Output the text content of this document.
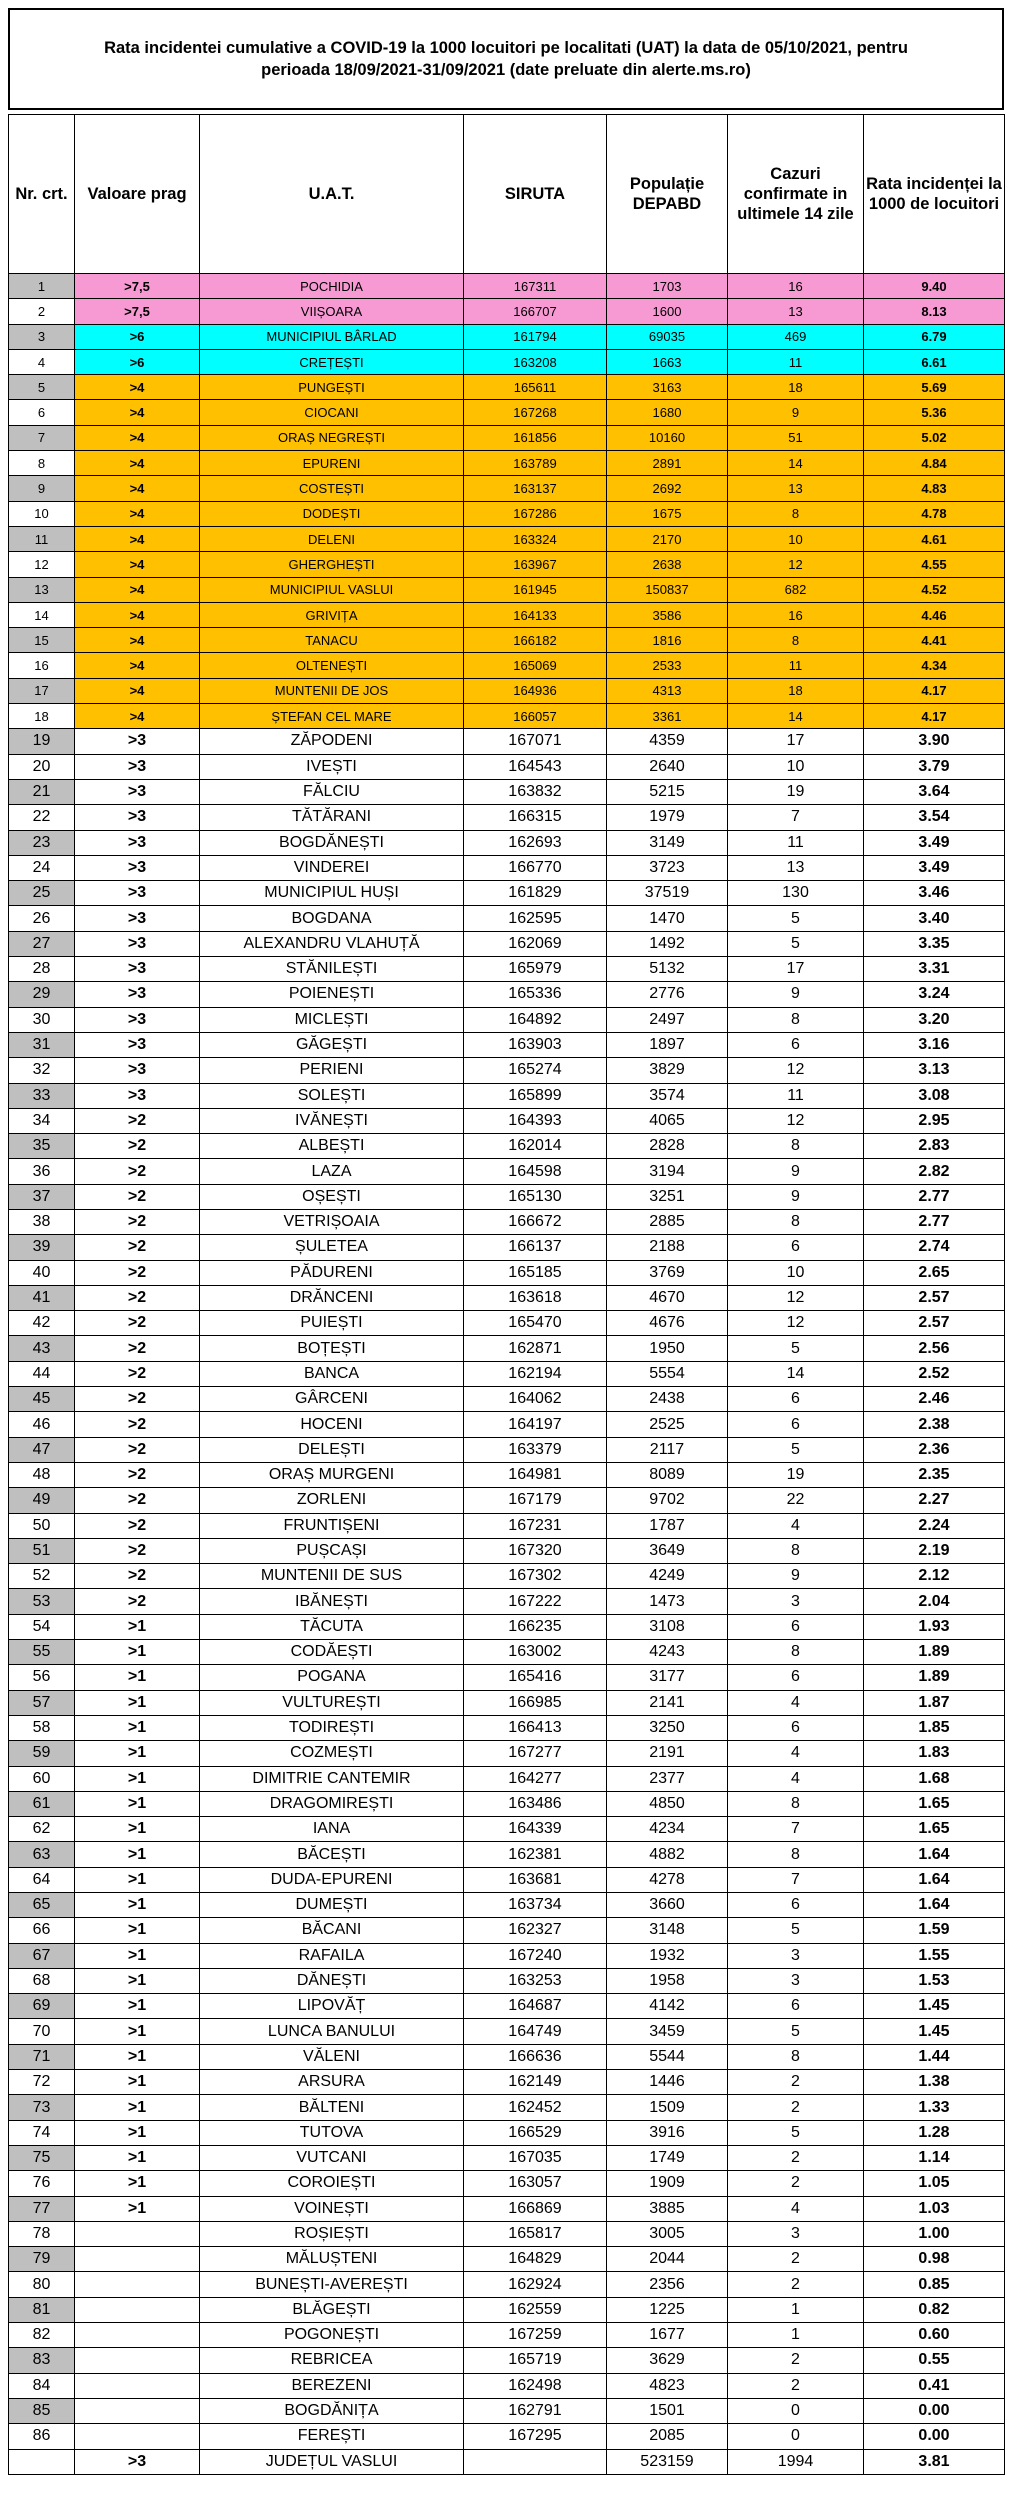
Rata incidentei cumulative a COVID-19 la 1000 locuitori pe localitati (UAT) la data de 05/10/2021, pentru
perioada 18/09/2021-31/09/2021 (date preluate din alerte.ms.ro)
Nr. crt.	Valoare prag	U.A.T.	SIRUTA	Populație DEPABD	Cazuri confirmate in ultimele 14 zile	Rata incidenței la 1000 de locuitori
1	>7,5	POCHIDIA	167311	1703	16	9.40
2	>7,5	VIIȘOARA	166707	1600	13	8.13
3	>6	MUNICIPIUL BÂRLAD	161794	69035	469	6.79
4	>6	CREȚEȘTI	163208	1663	11	6.61
5	>4	PUNGEȘTI	165611	3163	18	5.69
6	>4	CIOCANI	167268	1680	9	5.36
7	>4	ORAȘ NEGREȘTI	161856	10160	51	5.02
8	>4	EPURENI	163789	2891	14	4.84
9	>4	COSTEȘTI	163137	2692	13	4.83
10	>4	DODEȘTI	167286	1675	8	4.78
11	>4	DELENI	163324	2170	10	4.61
12	>4	GHERGHEȘTI	163967	2638	12	4.55
13	>4	MUNICIPIUL VASLUI	161945	150837	682	4.52
14	>4	GRIVIȚA	164133	3586	16	4.46
15	>4	TANACU	166182	1816	8	4.41
16	>4	OLTENEȘTI	165069	2533	11	4.34
17	>4	MUNTENII DE JOS	164936	4313	18	4.17
18	>4	ȘTEFAN CEL MARE	166057	3361	14	4.17
19	>3	ZĂPODENI	167071	4359	17	3.90
20	>3	IVEȘTI	164543	2640	10	3.79
21	>3	FĂLCIU	163832	5215	19	3.64
22	>3	TĂTĂRANI	166315	1979	7	3.54
23	>3	BOGDĂNEȘTI	162693	3149	11	3.49
24	>3	VINDEREI	166770	3723	13	3.49
25	>3	MUNICIPIUL HUȘI	161829	37519	130	3.46
26	>3	BOGDANA	162595	1470	5	3.40
27	>3	ALEXANDRU VLAHUȚĂ	162069	1492	5	3.35
28	>3	STĂNILEȘTI	165979	5132	17	3.31
29	>3	POIENEȘTI	165336	2776	9	3.24
30	>3	MICLEȘTI	164892	2497	8	3.20
31	>3	GĂGEȘTI	163903	1897	6	3.16
32	>3	PERIENI	165274	3829	12	3.13
33	>3	SOLEȘTI	165899	3574	11	3.08
34	>2	IVĂNEȘTI	164393	4065	12	2.95
35	>2	ALBEȘTI	162014	2828	8	2.83
36	>2	LAZA	164598	3194	9	2.82
37	>2	OȘEȘTI	165130	3251	9	2.77
38	>2	VETRIȘOAIA	166672	2885	8	2.77
39	>2	ȘULETEA	166137	2188	6	2.74
40	>2	PĂDURENI	165185	3769	10	2.65
41	>2	DRĂNCENI	163618	4670	12	2.57
42	>2	PUIEȘTI	165470	4676	12	2.57
43	>2	BOȚEȘTI	162871	1950	5	2.56
44	>2	BANCA	162194	5554	14	2.52
45	>2	GÂRCENI	164062	2438	6	2.46
46	>2	HOCENI	164197	2525	6	2.38
47	>2	DELEȘTI	163379	2117	5	2.36
48	>2	ORAȘ MURGENI	164981	8089	19	2.35
49	>2	ZORLENI	167179	9702	22	2.27
50	>2	FRUNTIȘENI	167231	1787	4	2.24
51	>2	PUȘCAȘI	167320	3649	8	2.19
52	>2	MUNTENII DE SUS	167302	4249	9	2.12
53	>2	IBĂNEȘTI	167222	1473	3	2.04
54	>1	TĂCUTA	166235	3108	6	1.93
55	>1	CODĂEȘTI	163002	4243	8	1.89
56	>1	POGANA	165416	3177	6	1.89
57	>1	VULTUREȘTI	166985	2141	4	1.87
58	>1	TODIREȘTI	166413	3250	6	1.85
59	>1	COZMEȘTI	167277	2191	4	1.83
60	>1	DIMITRIE CANTEMIR	164277	2377	4	1.68
61	>1	DRAGOMIREȘTI	163486	4850	8	1.65
62	>1	IANA	164339	4234	7	1.65
63	>1	BĂCEȘTI	162381	4882	8	1.64
64	>1	DUDA-EPURENI	163681	4278	7	1.64
65	>1	DUMEȘTI	163734	3660	6	1.64
66	>1	BĂCANI	162327	3148	5	1.59
67	>1	RAFAILA	167240	1932	3	1.55
68	>1	DĂNEȘTI	163253	1958	3	1.53
69	>1	LIPOVĂȚ	164687	4142	6	1.45
70	>1	LUNCA BANULUI	164749	3459	5	1.45
71	>1	VĂLENI	166636	5544	8	1.44
72	>1	ARSURA	162149	1446	2	1.38
73	>1	BĂLTENI	162452	1509	2	1.33
74	>1	TUTOVA	166529	3916	5	1.28
75	>1	VUTCANI	167035	1749	2	1.14
76	>1	COROIEȘTI	163057	1909	2	1.05
77	>1	VOINEȘTI	166869	3885	4	1.03
78		ROȘIEȘTI	165817	3005	3	1.00
79		MĂLUȘTENI	164829	2044	2	0.98
80		BUNEȘTI-AVEREȘTI	162924	2356	2	0.85
81		BLĂGEȘTI	162559	1225	1	0.82
82		POGONEȘTI	167259	1677	1	0.60
83		REBRICEA	165719	3629	2	0.55
84		BEREZENI	162498	4823	2	0.41
85		BOGDĂNIȚA	162791	1501	0	0.00
86		FEREȘTI	167295	2085	0	0.00
	>3	JUDEȚUL VASLUI		523159	1994	3.81
